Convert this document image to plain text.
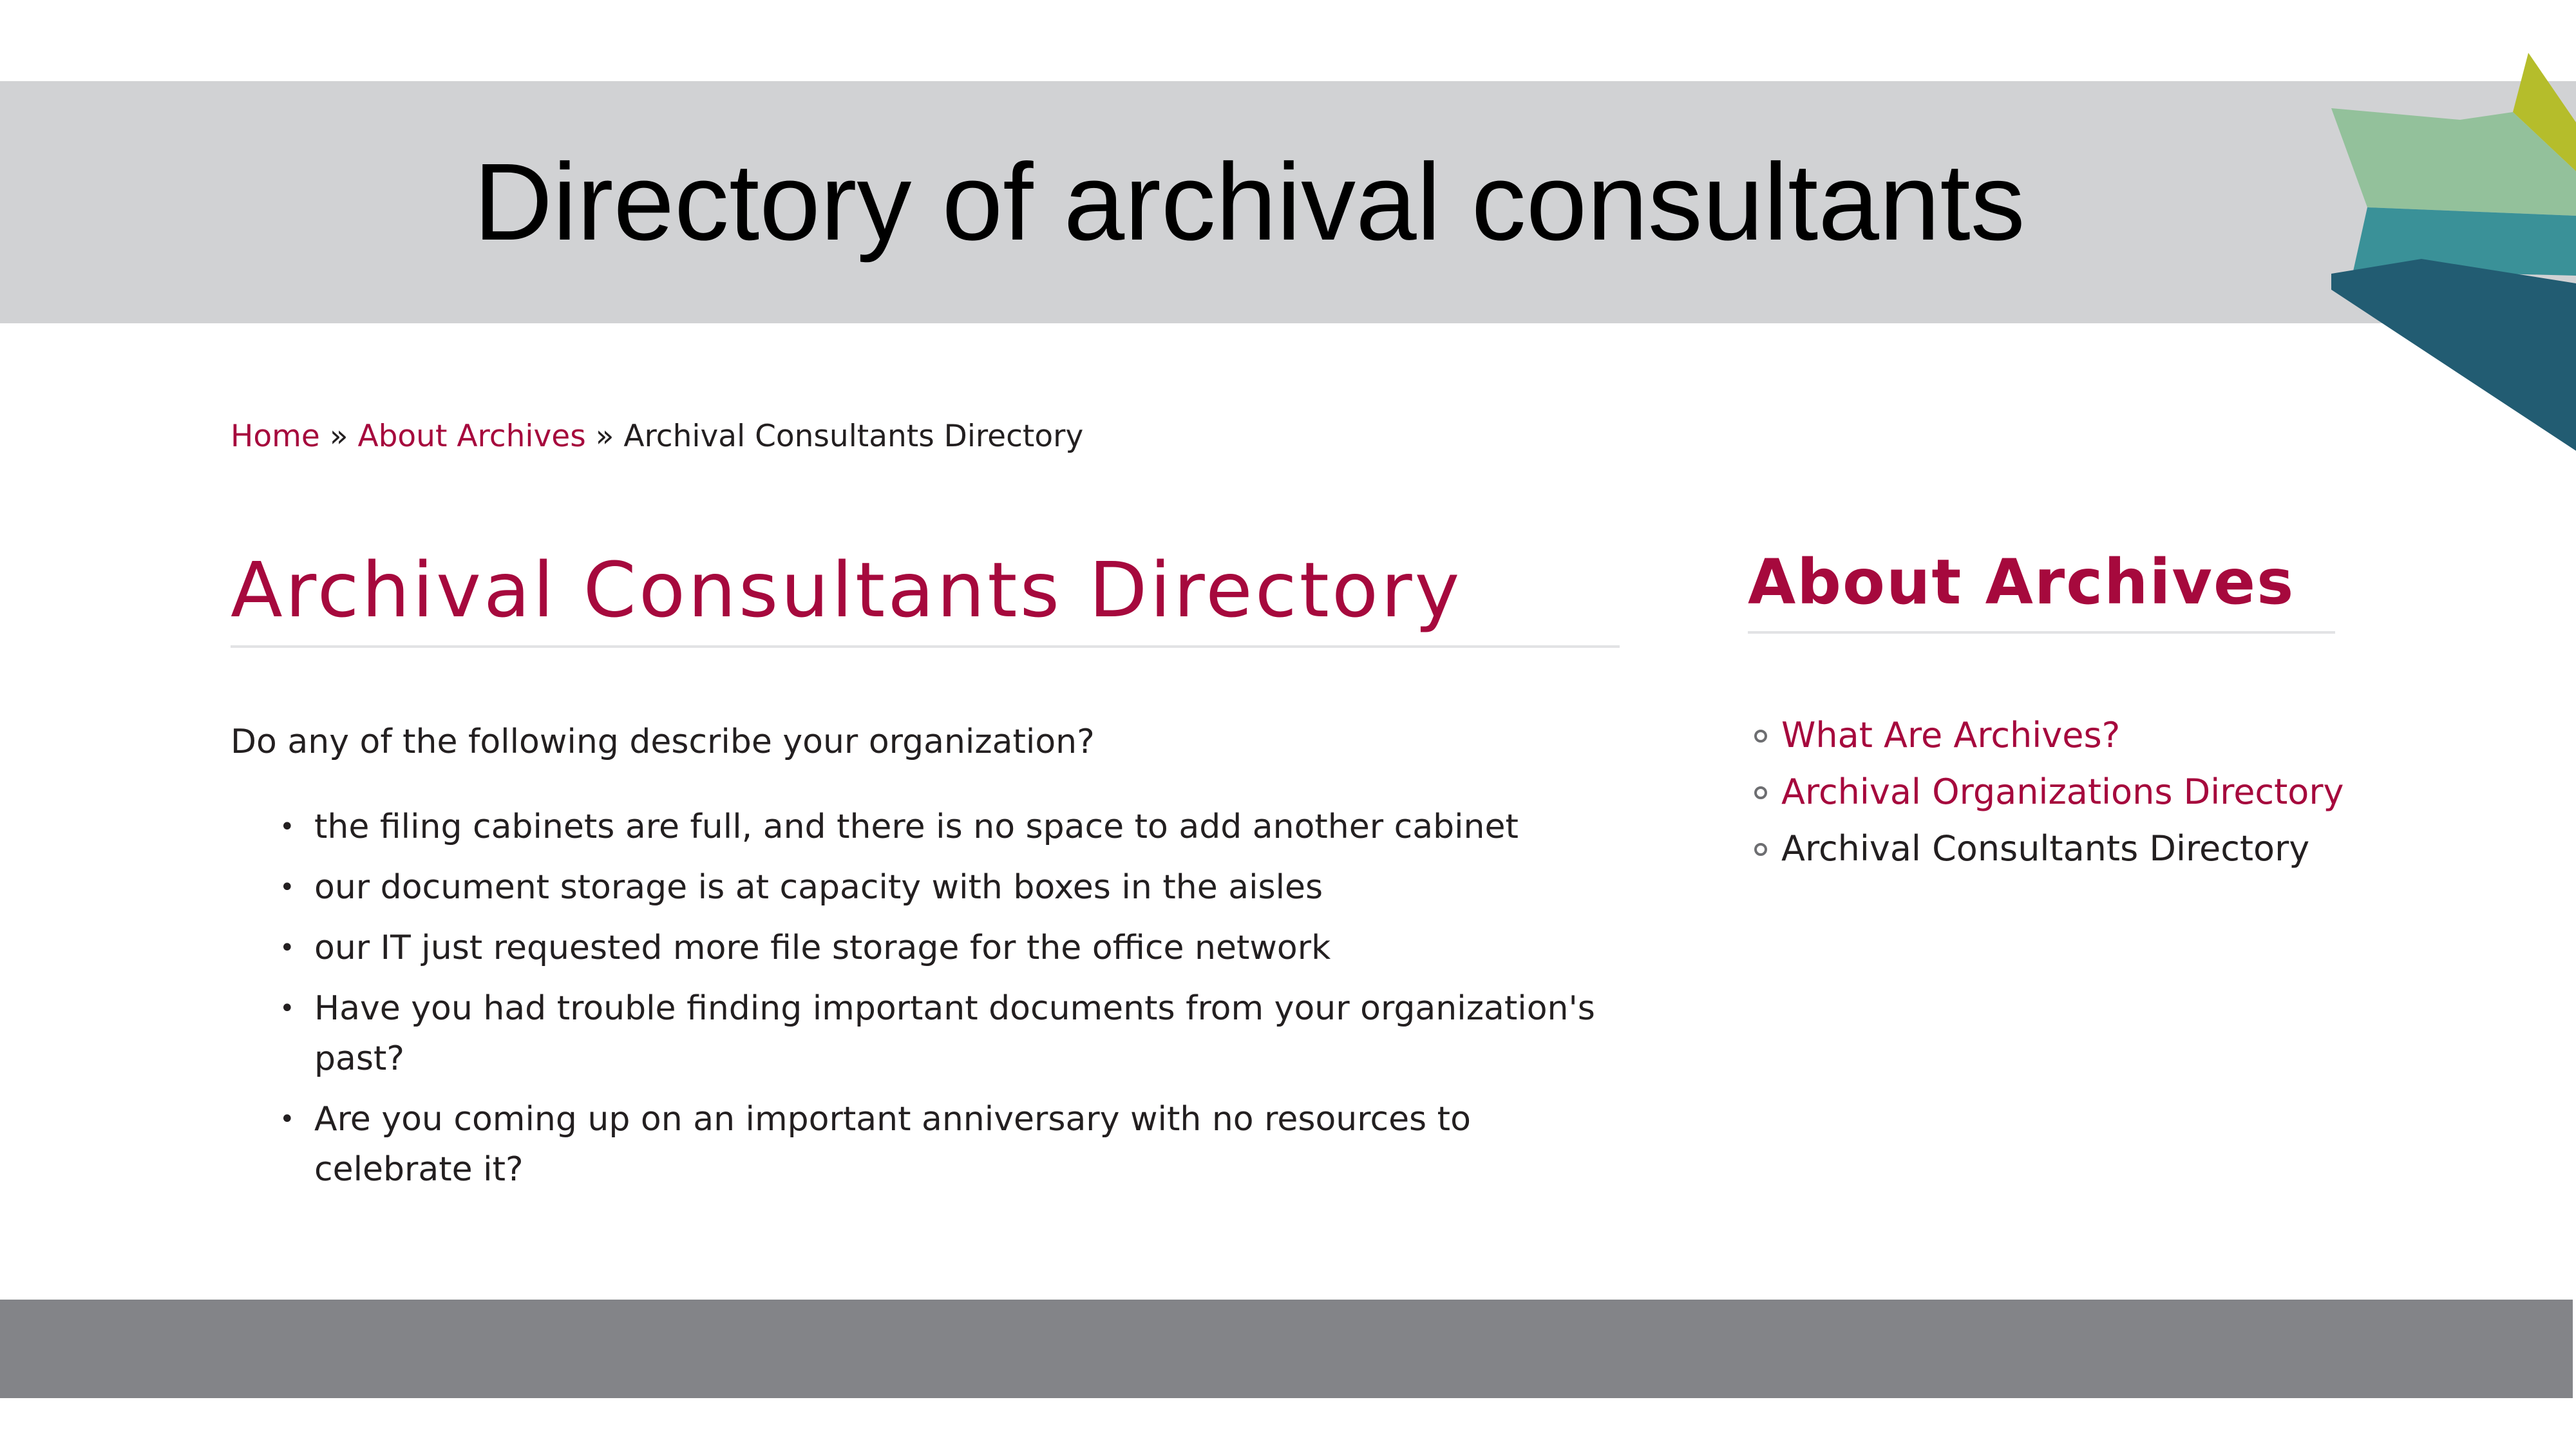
Directory of archival consultants
Home » About Archives » Archival Consultants Directory
Archival Consultants Directory

Do any of the following describe your organization?

• the filing cabinets are full, and there is no space to add another cabinet
• our document storage is at capacity with boxes in the aisles
• our IT just requested more file storage for the office network
• Have you had trouble finding important documents from your organization's past?
• Are you coming up on an important anniversary with no resources to celebrate it?
About Archives
What Are Archives?
Archival Organizations Directory
Archival Consultants Directory
